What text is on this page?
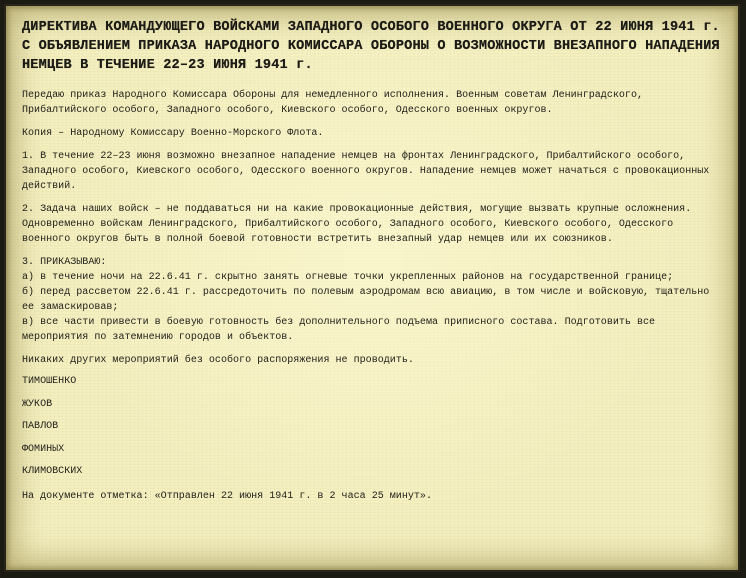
ДИРЕКТИВА КОМАНДУЮЩЕГО ВОЙСКАМИ ЗАПАДНОГО ОСОБОГО ВОЕННОГО ОКРУГА ОТ 22 ИЮНЯ 1941 г. С ОБЪЯВЛЕНИЕМ ПРИКАЗА НАРОДНОГО КОМИССАРА ОБОРОНЫ О ВОЗМОЖНОСТИ ВНЕЗАПНОГО НАПАДЕНИЯ НЕМЦЕВ В ТЕЧЕНИЕ 22–23 ИЮНЯ 1941 г.
Передаю приказ Народного Комиссара Обороны для немедленного исполнения. Военным советам Ленинградского, Прибалтийского особого, Западного особого, Киевского особого, Одесского военных округов.
Копия – Народному Комиссару Военно-Морского Флота.
1. В течение 22–23 июня возможно внезапное нападение немцев на фронтах Ленинградского, Прибалтийского особого, Западного особого, Киевского особого, Одесского военного округов. Нападение немцев может начаться с провокационных действий.
2. Задача наших войск – не поддаваться ни на какие провокационные действия, могущие вызвать крупные осложнения.
Одновременно войскам Ленинградского, Прибалтийского особого, Западного особого, Киевского особого, Одесского военного округов быть в полной боевой готовности встретить внезапный удар немцев или их союзников.
3. ПРИКАЗЫВАЮ:
а) в течение ночи на 22.6.41 г. скрытно занять огневые точки укрепленных районов на государственной границе;
б) перед рассветом 22.6.41 г. рассредоточить по полевым аэродромам всю авиацию, в том числе и войсковую, тщательно ее замаскировав;
в) все части привести в боевую готовность без дополнительного подъема приписного состава. Подготовить все мероприятия по затемнению городов и объектов.
Никаких других мероприятий без особого распоряжения не проводить.
ТИМОШЕНКО
ЖУКОВ
ПАВЛОВ
ФОМИНЫХ
КЛИМОВСКИХ
На документе отметка: «Отправлен 22 июня 1941 г. в 2 часа 25 минут».
